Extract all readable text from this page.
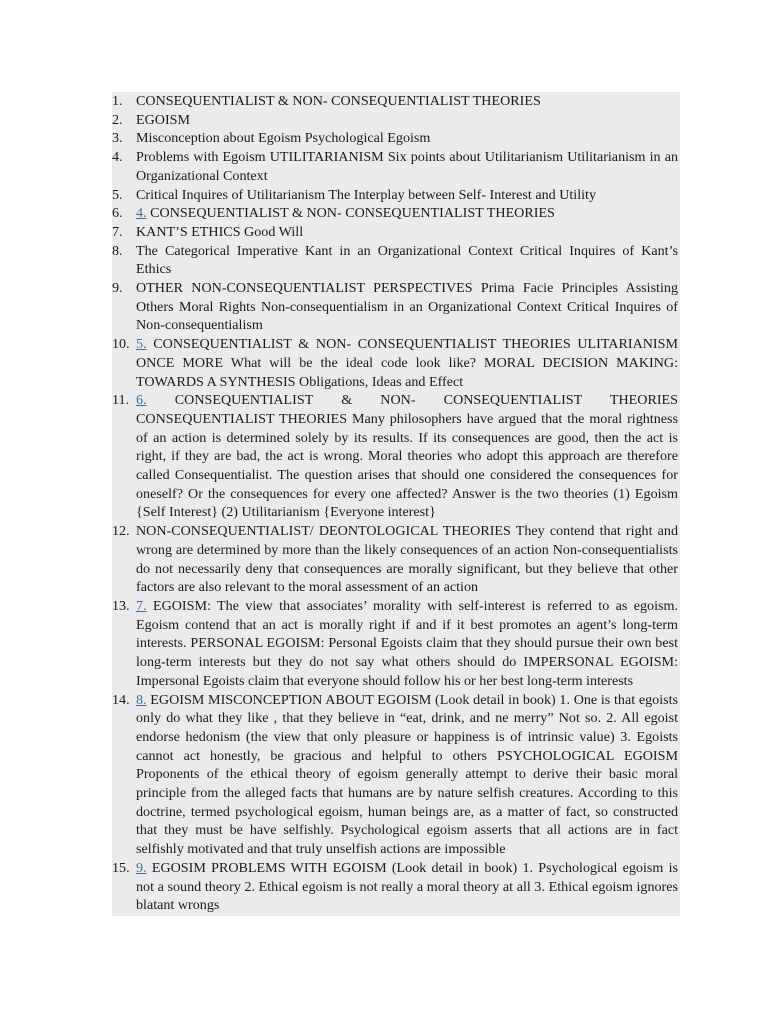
1. CONSEQUENTIALIST & NON- CONSEQUENTIALIST THEORIES
2. EGOISM
3. Misconception about Egoism Psychological Egoism
4. Problems with Egoism UTILITARIANISM Six points about Utilitarianism Utilitarianism in an Organizational Context
5. Critical Inquires of Utilitarianism The Interplay between Self- Interest and Utility
6. 4. CONSEQUENTIALIST & NON- CONSEQUENTIALIST THEORIES
7. KANT’S ETHICS Good Will
8. The Categorical Imperative Kant in an Organizational Context Critical Inquires of Kant’s Ethics
9. OTHER NON-CONSEQUENTIALIST PERSPECTIVES Prima Facie Principles Assisting Others Moral Rights Non-consequentialism in an Organizational Context Critical Inquires of Non-consequentialism
10. 5. CONSEQUENTIALIST & NON- CONSEQUENTIALIST THEORIES ULITARIANISM ONCE MORE What will be the ideal code look like? MORAL DECISION MAKING: TOWARDS A SYNTHESIS Obligations, Ideas and Effect
11. 6. CONSEQUENTIALIST & NON- CONSEQUENTIALIST THEORIES CONSEQUENTIALIST THEORIES Many philosophers have argued that the moral rightness of an action is determined solely by its results. If its consequences are good, then the act is right, if they are bad, the act is wrong. Moral theories who adopt this approach are therefore called Consequentialist. The question arises that should one considered the consequences for oneself? Or the consequences for every one affected? Answer is the two theories (1) Egoism {Self Interest} (2) Utilitarianism {Everyone interest}
12. NON-CONSEQUENTIALIST/ DEONTOLOGICAL THEORIES They contend that right and wrong are determined by more than the likely consequences of an action Non-consequentialists do not necessarily deny that consequences are morally significant, but they believe that other factors are also relevant to the moral assessment of an action
13. 7. EGOISM: The view that associates’ morality with self-interest is referred to as egoism. Egoism contend that an act is morally right if and if it best promotes an agent’s long-term interests. PERSONAL EGOISM: Personal Egoists claim that they should pursue their own best long-term interests but they do not say what others should do IMPERSONAL EGOISM: Impersonal Egoists claim that everyone should follow his or her best long-term interests
14. 8. EGOISM MISCONCEPTION ABOUT EGOISM (Look detail in book) 1. One is that egoists only do what they like , that they believe in “eat, drink, and ne merry” Not so. 2. All egoist endorse hedonism (the view that only pleasure or happiness is of intrinsic value) 3. Egoists cannot act honestly, be gracious and helpful to others PSYCHOLOGICAL EGOISM Proponents of the ethical theory of egoism generally attempt to derive their basic moral principle from the alleged facts that humans are by nature selfish creatures. According to this doctrine, termed psychological egoism, human beings are, as a matter of fact, so constructed that they must be have selfishly. Psychological egoism asserts that all actions are in fact selfishly motivated and that truly unselfish actions are impossible
15. 9. EGOSIM PROBLEMS WITH EGOISM (Look detail in book) 1. Psychological egoism is not a sound theory 2. Ethical egoism is not really a moral theory at all 3. Ethical egoism ignores blatant wrongs
